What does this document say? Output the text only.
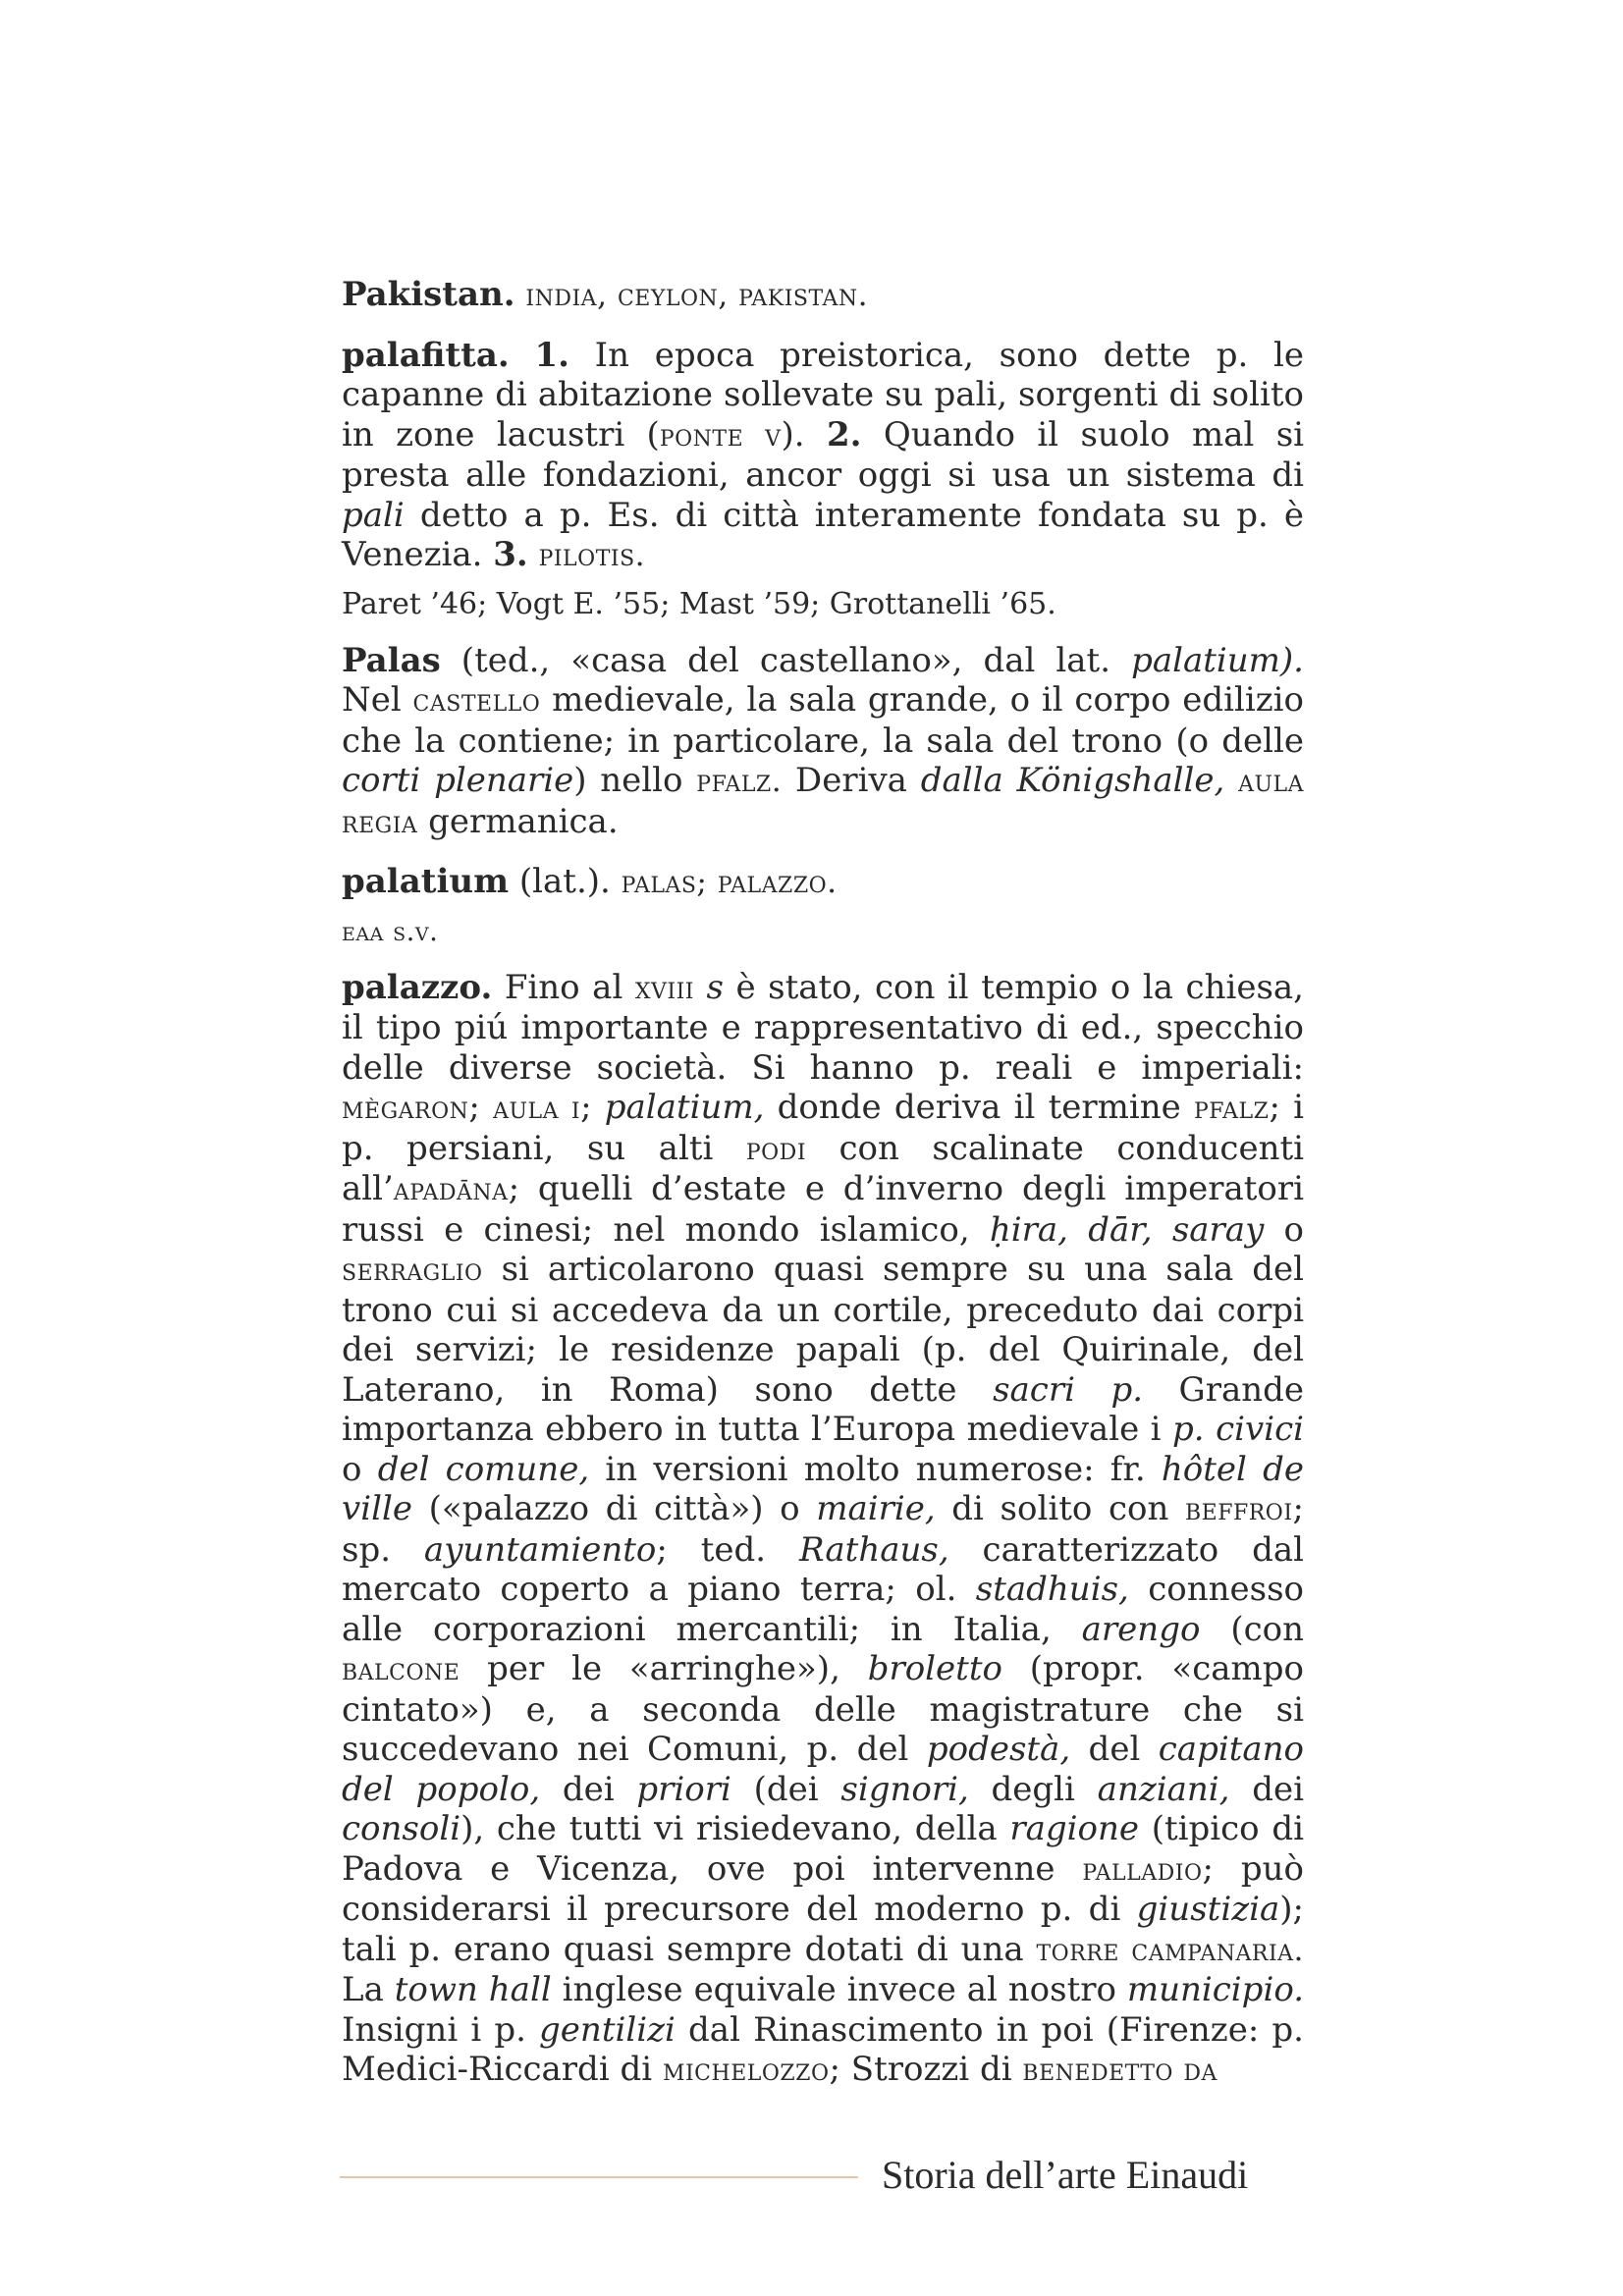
Pakistan. india, ceylon, pakistan.

palafitta. 1. In epoca preistorica, sono dette p. le capanne di abitazione sollevate su pali, sorgenti di solito in zone lacustri (ponte v). 2. Quando il suolo mal si presta alle fondazioni, ancor oggi si usa un sistema di pali detto a p. Es. di città interamente fondata su p. è Venezia. 3. pilotis.

Paret ’46; Vogt E. ’55; Mast ’59; Grottanelli ’65.

Palas (ted., «casa del castellano», dal lat. palatium). Nel castello medievale, la sala grande, o il corpo edilizio che la contiene; in particolare, la sala del trono (o delle corti plenarie) nello pfalz. Deriva dalla Königshalle, aula regia germanica.

palatium (lat.). palas; palazzo.

eaa s.v.

palazzo. Fino al xviii s è stato, con il tempio o la chiesa, il tipo piú importante e rappresentativo di ed., specchio delle diverse società. Si hanno p. reali e imperiali: mègaron; aula i; palatium, donde deriva il termine pfalz; i p. persiani, su alti podi con scalinate conducenti all’apadāna; quelli d’estate e d’inverno degli imperatori russi e cinesi; nel mondo islamico, ḥira, dār, saray o serraglio si articolarono quasi sempre su una sala del trono cui si accedeva da un cortile, preceduto dai corpi dei servizi; le residenze papali (p. del Quirinale, del Laterano, in Roma) sono dette sacri p. Grande importanza ebbero in tutta l’Europa medievale i p. civici o del comune, in versioni molto numerose: fr. hôtel de ville («palazzo di città») o mairie, di solito con beffroi; sp. ayuntamiento; ted. Rathaus, caratterizzato dal mercato coperto a piano terra; ol. stadhuis, connesso alle corporazioni mercantili; in Italia, arengo (con balcone per le «arringhe»), broletto (propr. «campo cintato») e, a seconda delle magistrature che si succedevano nei Comuni, p. del podestà, del capitano del popolo, dei priori (dei signori, degli anziani, dei consoli), che tutti vi risiedevano, della ragione (tipico di Padova e Vicenza, ove poi intervenne palladio; può considerarsi il precursore del moderno p. di giustizia); tali p. erano quasi sempre dotati di una torre campanaria. La town hall inglese equivale invece al nostro municipio. Insigni i p. gentilizi dal Rinascimento in poi (Firenze: p. Medici-Riccardi di michelozzo; Strozzi di benedetto da

Storia dell’arte Einaudi
